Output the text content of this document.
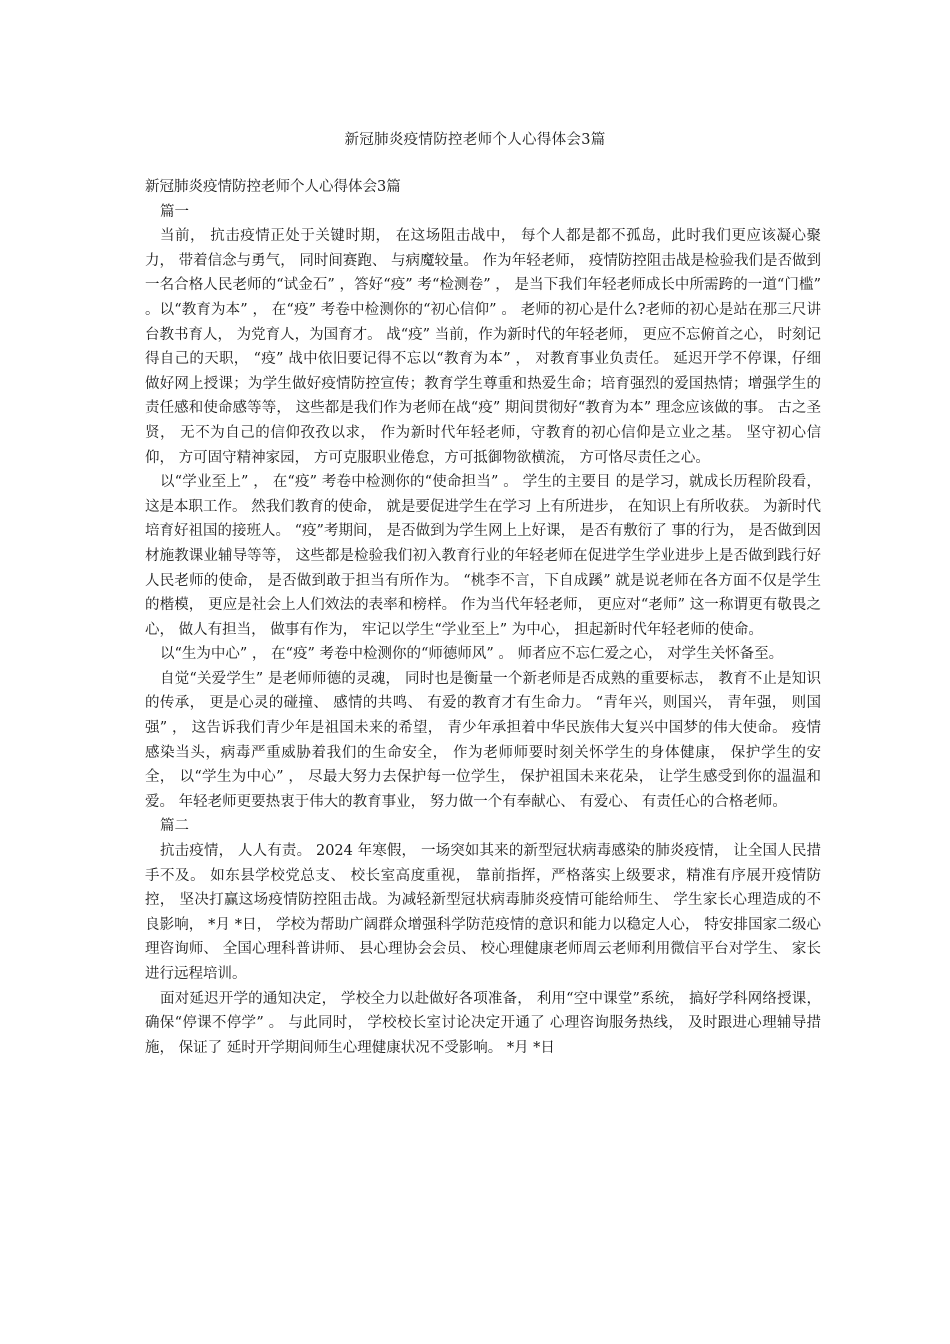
新冠肺炎疫情防控老师个人心得体会3篇

新冠肺炎疫情防控老师个人心得体会3篇

篇一

当前， 抗击疫情正处于关键时期， 在这场阻击战中， 每个人都是都不孤岛，此时我们更应该凝心聚力， 带着信念与勇气， 同时间赛跑、 与病魔较量。 作为年轻老师， 疫情防控阻击战是检验我们是否做到一名合格人民老师的“试金石” ，答好“疫” 考“检测卷” ， 是当下我们年轻老师成长中所需跨的一道“门槛” 。以“教育为本” ， 在“疫” 考卷中检测你的“初心信仰” 。 老师的初心是什么?老师的初心是站在那三尺讲台教书育人， 为党育人，为国育才。 战“疫” 当前，作为新时代的年轻老师， 更应不忘俯首之心， 时刻记得自己的天职， “疫” 战中依旧要记得不忘以“教育为本” ， 对教育事业负责任。 延迟开学不停课，仔细做好网上授课；为学生做好疫情防控宣传；教育学生尊重和热爱生命；培育强烈的爱国热情；增强学生的责任感和使命感等等， 这些都是我们作为老师在战“疫” 期间贯彻好“教育为本” 理念应该做的事。 古之圣贤， 无不为自己的信仰孜孜以求， 作为新时代年轻老师，守教育的初心信仰是立业之基。 坚守初心信仰， 方可固守精神家园， 方可克服职业倦怠，方可抵御物欲横流， 方可恪尽责任之心。

以“学业至上” ， 在“疫” 考卷中检测你的“使命担当” 。 学生的主要目 的是学习，就成长历程阶段看， 这是本职工作。 然我们教育的使命， 就是要促进学生在学习 上有所进步， 在知识上有所收获。 为新时代培育好祖国的接班人。 “疫”考期间， 是否做到为学生网上上好课， 是否有敷衍了 事的行为， 是否做到因材施教课业辅导等等， 这些都是检验我们初入教育行业的年轻老师在促进学生学业进步上是否做到践行好人民老师的使命， 是否做到敢于担当有所作为。 “桃李不言，下自成蹊” 就是说老师在各方面不仅是学生的楷模， 更应是社会上人们效法的表率和榜样。 作为当代年轻老师， 更应对“老师” 这一称谓更有敬畏之心， 做人有担当， 做事有作为， 牢记以学生“学业至上” 为中心， 担起新时代年轻老师的使命。

以“生为中心” ， 在“疫” 考卷中检测你的“师德师风” 。 师者应不忘仁爱之心， 对学生关怀备至。

自觉“关爱学生” 是老师师德的灵魂， 同时也是衡量一个新老师是否成熟的重要标志， 教育不止是知识的传承， 更是心灵的碰撞、 感情的共鸣、 有爱的教育才有生命力。 “青年兴，则国兴， 青年强， 则国强” ， 这告诉我们青少年是祖国未来的希望， 青少年承担着中华民族伟大复兴中国梦的伟大使命。 疫情感染当头，病毒严重威胁着我们的生命安全， 作为老师师要时刻关怀学生的身体健康， 保护学生的安全， 以“学生为中心” ， 尽最大努力去保护每一位学生， 保护祖国未来花朵， 让学生感受到你的温温和爱。 年轻老师更要热衷于伟大的教育事业， 努力做一个有奉献心、 有爱心、 有责任心的合格老师。

篇二

抗击疫情， 人人有责。 2024 年寒假， 一场突如其来的新型冠状病毒感染的肺炎疫情， 让全国人民措手不及。 如东县学校党总支、 校长室高度重视， 靠前指挥，严格落实上级要求，精准有序展开疫情防控， 坚决打赢这场疫情防控阻击战。为减轻新型冠状病毒肺炎疫情可能给师生、 学生家长心理造成的不良影响， *月 *日， 学校为帮助广阔群众增强科学防范疫情的意识和能力以稳定人心， 特安排国家二级心理咨询师、 全国心理科普讲师、 县心理协会会员、 校心理健康老师周云老师利用微信平台对学生、 家长进行远程培训。

面对延迟开学的通知决定， 学校全力以赴做好各项准备， 利用“空中课堂”系统， 搞好学科网络授课， 确保“停课不停学” 。 与此同时， 学校校长室讨论决定开通了 心理咨询服务热线， 及时跟进心理辅导措施， 保证了 延时开学期间师生心理健康状况不受影响。 *月 *日
